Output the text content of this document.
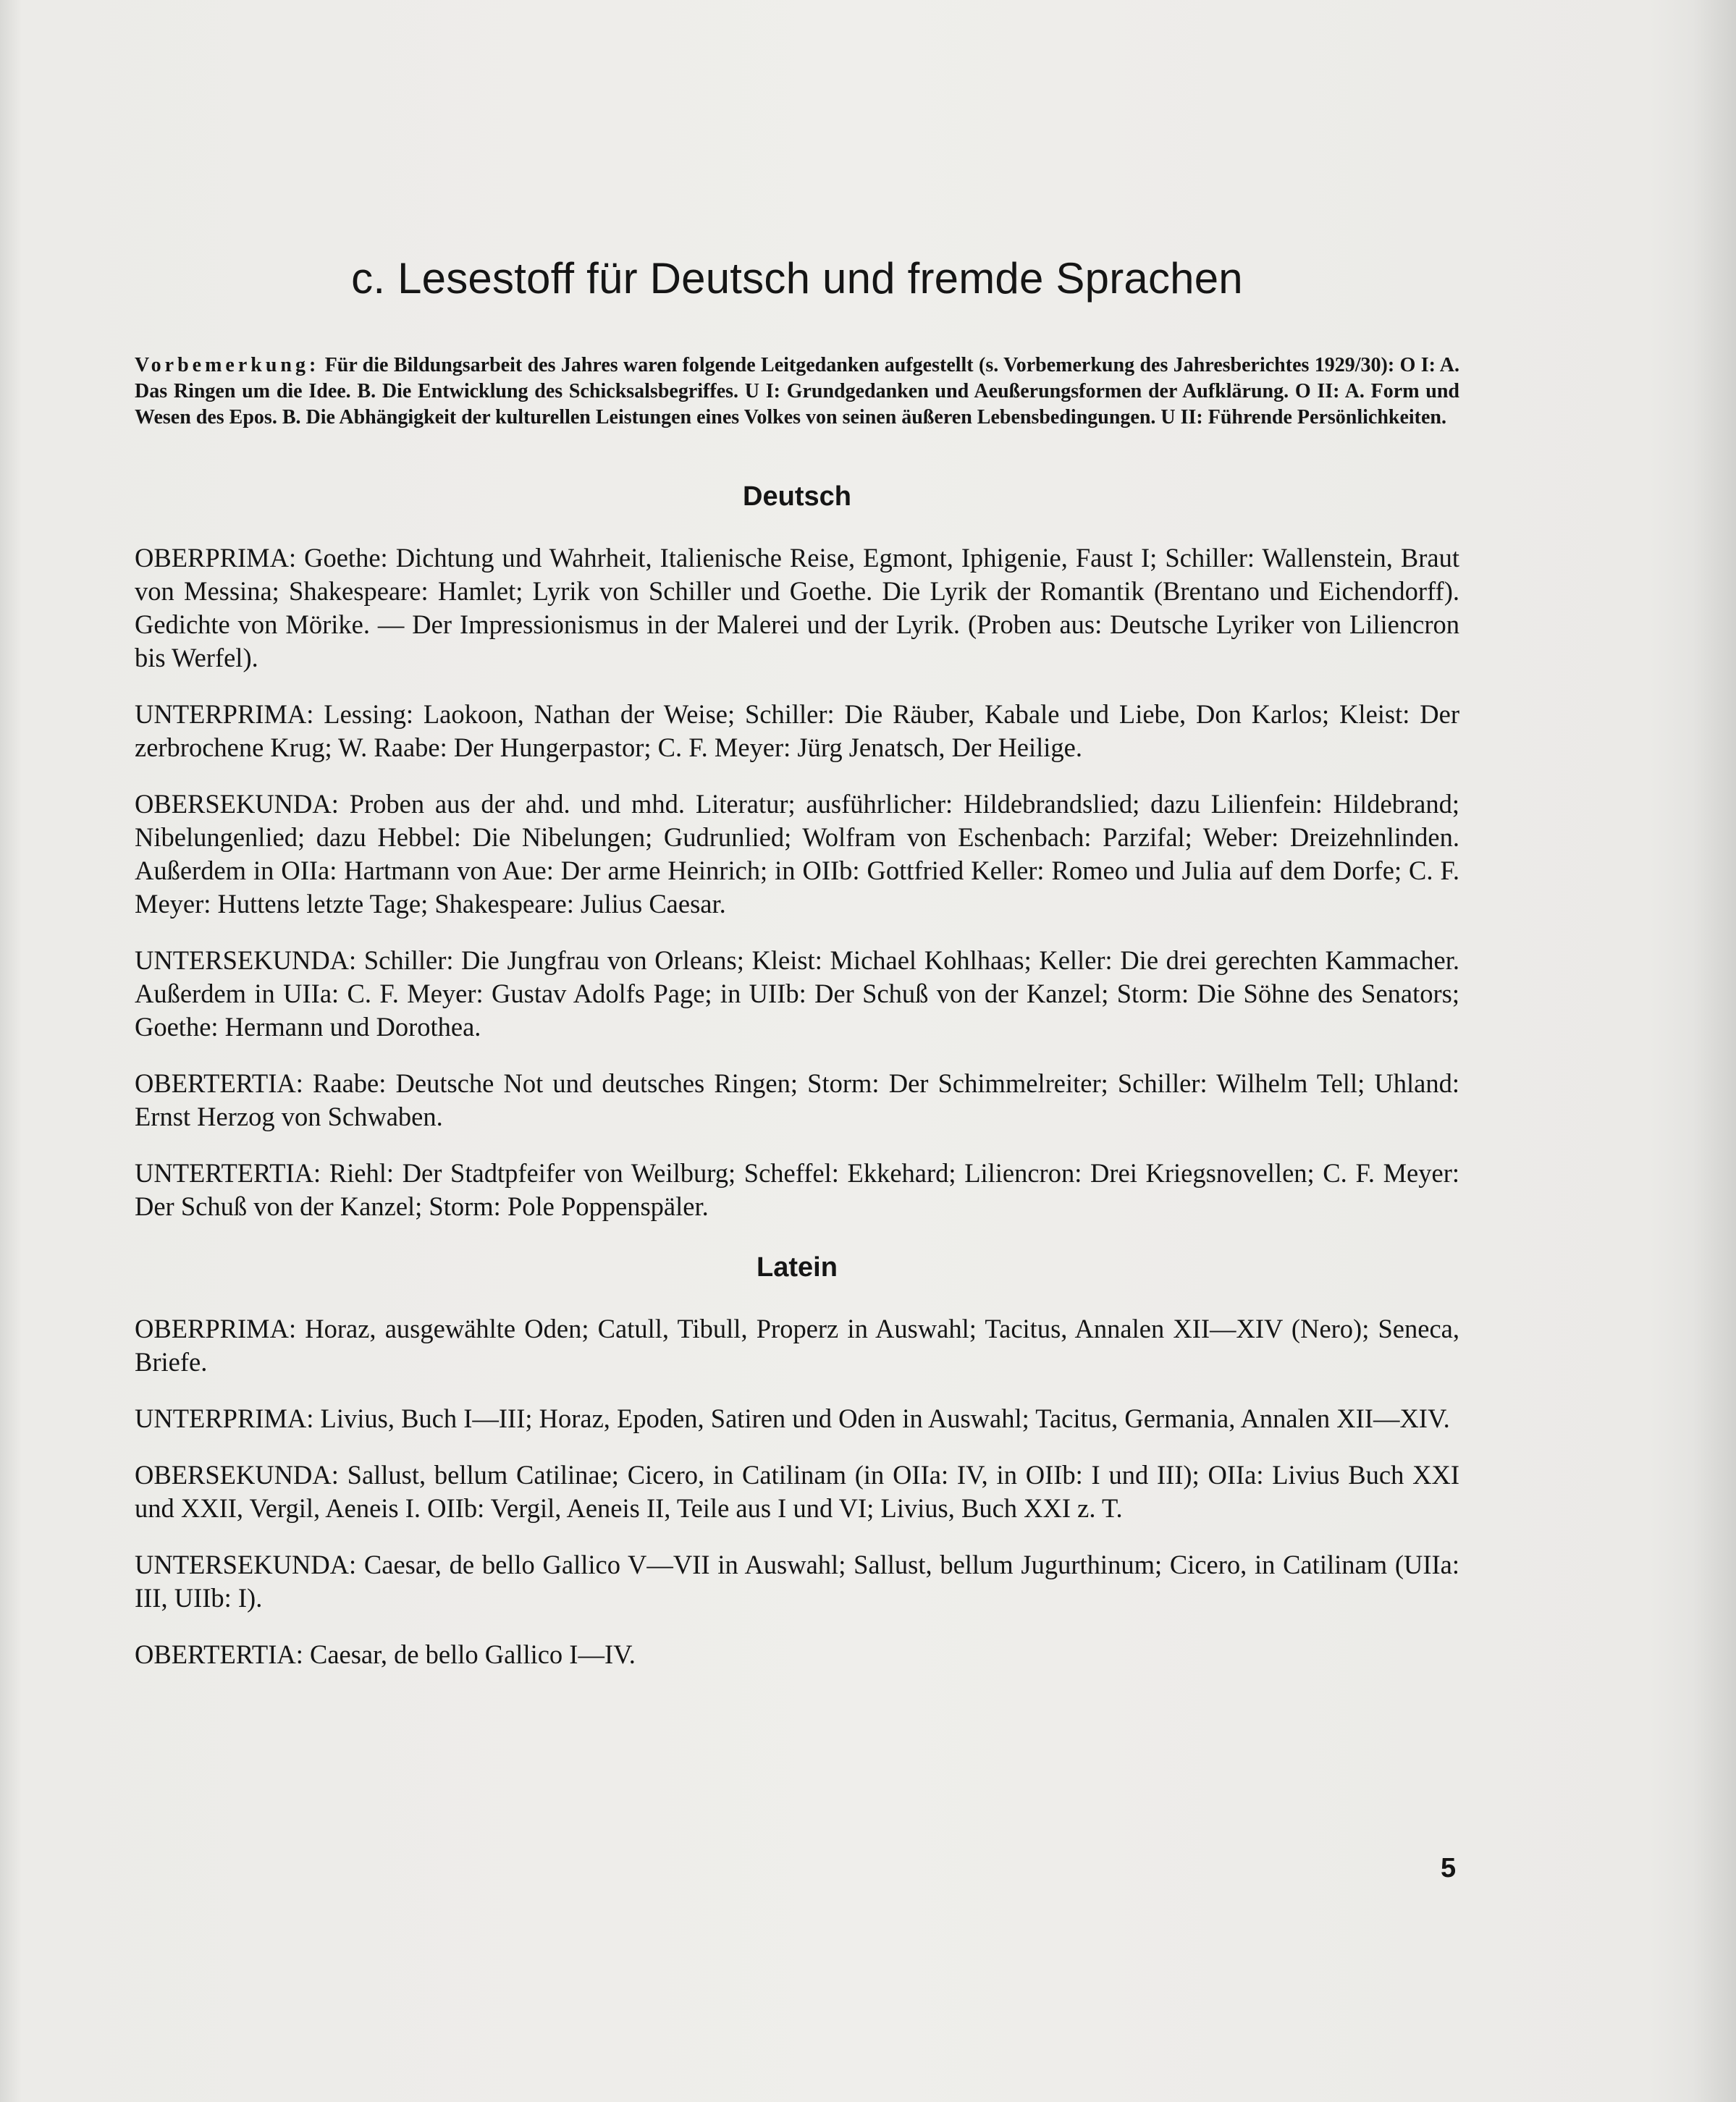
c. Lesestoff für Deutsch und fremde Sprachen

Vorbemerkung: Für die Bildungsarbeit des Jahres waren folgende Leitgedanken aufgestellt (s. Vorbemerkung des Jahresberichtes 1929/30): O I: A. Das Ringen um die Idee. B. Die Entwicklung des Schicksalsbegriffes. U I: Grundgedanken und Aeußerungsformen der Aufklärung. O II: A. Form und Wesen des Epos. B. Die Abhängigkeit der kulturellen Leistungen eines Volkes von seinen äußeren Lebensbedingungen. U II: Führende Persönlichkeiten.

Deutsch

OBERPRIMA: Goethe: Dichtung und Wahrheit, Italienische Reise, Egmont, Iphigenie, Faust I; Schiller: Wallenstein, Braut von Messina; Shakespeare: Hamlet; Lyrik von Schiller und Goethe. Die Lyrik der Romantik (Brentano und Eichendorff). Gedichte von Mörike. — Der Impressionismus in der Malerei und der Lyrik. (Proben aus: Deutsche Lyriker von Liliencron bis Werfel).

UNTERPRIMA: Lessing: Laokoon, Nathan der Weise; Schiller: Die Räuber, Kabale und Liebe, Don Karlos; Kleist: Der zerbrochene Krug; W. Raabe: Der Hungerpastor; C. F. Meyer: Jürg Jenatsch, Der Heilige.

OBERSEKUNDA: Proben aus der ahd. und mhd. Literatur; ausführlicher: Hildebrandslied; dazu Lilienfein: Hildebrand; Nibelungenlied; dazu Hebbel: Die Nibelungen; Gudrunlied; Wolfram von Eschenbach: Parzifal; Weber: Dreizehnlinden. Außerdem in OIIa: Hartmann von Aue: Der arme Heinrich; in OIIb: Gottfried Keller: Romeo und Julia auf dem Dorfe; C. F. Meyer: Huttens letzte Tage; Shakespeare: Julius Caesar.

UNTERSEKUNDA: Schiller: Die Jungfrau von Orleans; Kleist: Michael Kohlhaas; Keller: Die drei gerechten Kammacher. Außerdem in UIIa: C. F. Meyer: Gustav Adolfs Page; in UIIb: Der Schuß von der Kanzel; Storm: Die Söhne des Senators; Goethe: Hermann und Dorothea.

OBERTERTIA: Raabe: Deutsche Not und deutsches Ringen; Storm: Der Schimmelreiter; Schiller: Wilhelm Tell; Uhland: Ernst Herzog von Schwaben.

UNTERTERTIA: Riehl: Der Stadtpfeifer von Weilburg; Scheffel: Ekkehard; Liliencron: Drei Kriegsnovellen; C. F. Meyer: Der Schuß von der Kanzel; Storm: Pole Poppenspäler.

Latein

OBERPRIMA: Horaz, ausgewählte Oden; Catull, Tibull, Properz in Auswahl; Tacitus, Annalen XII—XIV (Nero); Seneca, Briefe.

UNTERPRIMA: Livius, Buch I—III; Horaz, Epoden, Satiren und Oden in Auswahl; Tacitus, Germania, Annalen XII—XIV.

OBERSEKUNDA: Sallust, bellum Catilinae; Cicero, in Catilinam (in OIIa: IV, in OIIb: I und III); OIIa: Livius Buch XXI und XXII, Vergil, Aeneis I. OIIb: Vergil, Aeneis II, Teile aus I und VI; Livius, Buch XXI z. T.

UNTERSEKUNDA: Caesar, de bello Gallico V—VII in Auswahl; Sallust, bellum Jugurthinum; Cicero, in Catilinam (UIIa: III, UIIb: I).

OBERTERTIA: Caesar, de bello Gallico I—IV.

5
